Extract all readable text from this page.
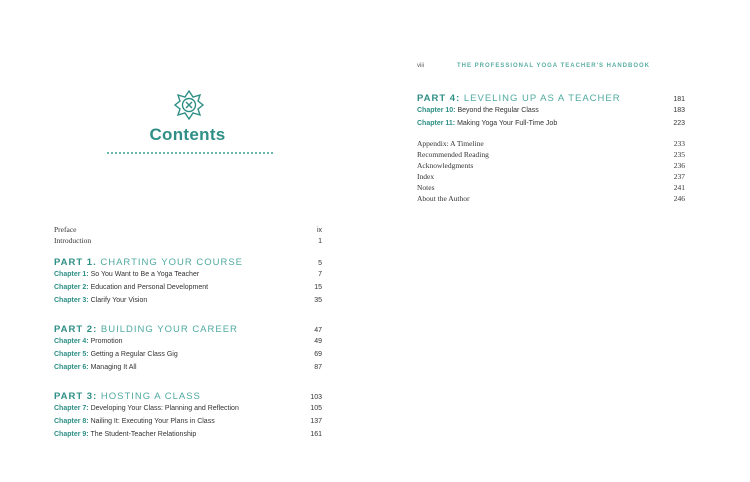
Contents
Preface	ix
Introduction	1
PART 1. CHARTING YOUR COURSE	5
Chapter 1: So You Want to Be a Yoga Teacher	7
Chapter 2: Education and Personal Development	15
Chapter 3: Clarify Your Vision	35
PART 2: BUILDING YOUR CAREER	47
Chapter 4: Promotion	49
Chapter 5: Getting a Regular Class Gig	69
Chapter 6: Managing It All	87
PART 3: HOSTING A CLASS	103
Chapter 7: Developing Your Class: Planning and Reflection	105
Chapter 8: Nailing It: Executing Your Plans in Class	137
Chapter 9: The Student-Teacher Relationship	161
viii	THE PROFESSIONAL YOGA TEACHER'S HANDBOOK
PART 4: LEVELING UP AS A TEACHER	181
Chapter 10: Beyond the Regular Class	183
Chapter 11: Making Yoga Your Full-Time Job	223
Appendix: A Timeline	233
Recommended Reading	235
Acknowledgments	236
Index	237
Notes	241
About the Author	246
